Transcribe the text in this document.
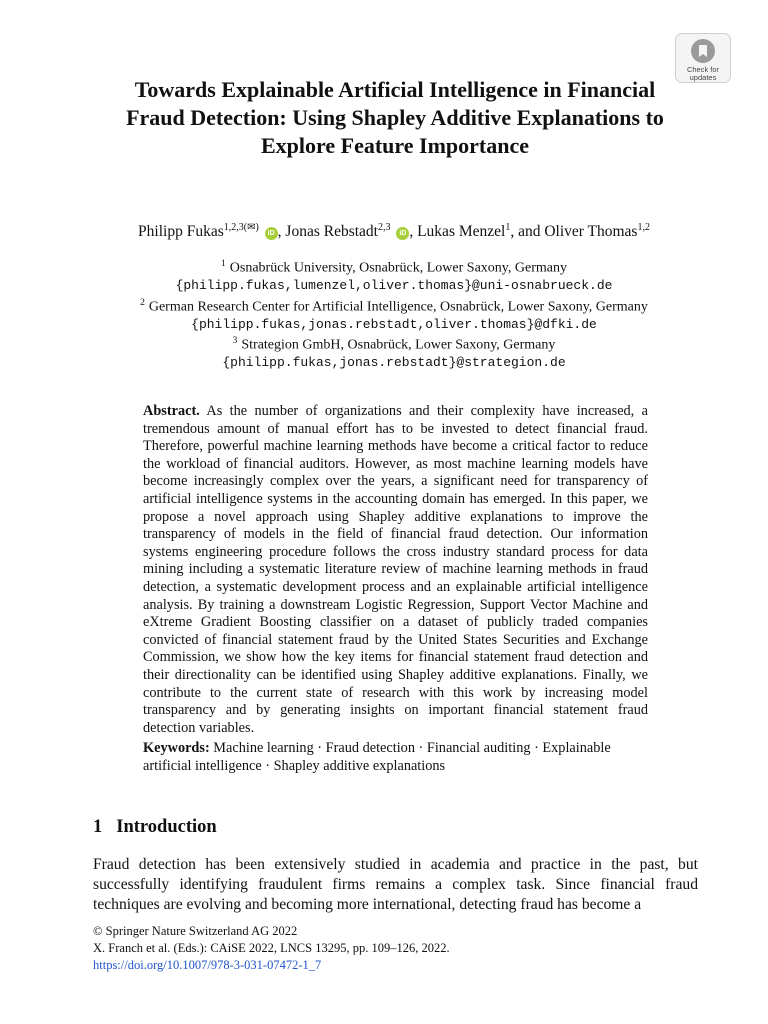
Check for
updates
Towards Explainable Artificial Intelligence in Financial Fraud Detection: Using Shapley Additive Explanations to Explore Feature Importance
Philipp Fukas$^{1,2,3(✉)}$ iD , Jonas Rebstadt$^{2,3}$ iD , Lukas Menzel$^1$, and Oliver Thomas$^{1,2}$
$^1$ Osnabrück University, Osnabrück, Lower Saxony, Germany
{philipp.fukas,lumenzel,oliver.thomas}@uni-osnabrueck.de
$^2$ German Research Center for Artificial Intelligence, Osnabrück, Lower Saxony, Germany
{philipp.fukas,jonas.rebstadt,oliver.thomas}@dfki.de
$^3$ Strategion GmbH, Osnabrück, Lower Saxony, Germany
{philipp.fukas,jonas.rebstadt}@strategion.de
Abstract. As the number of organizations and their complexity have increased, a tremendous amount of manual effort has to be invested to detect financial fraud. Therefore, powerful machine learning methods have become a critical factor to reduce the workload of financial auditors. However, as most machine learning models have become increasingly complex over the years, a significant need for transparency of artificial intelligence systems in the accounting domain has emerged. In this paper, we propose a novel approach using Shapley additive explanations to improve the transparency of models in the field of financial fraud detection. Our information systems engineering procedure follows the cross industry standard process for data mining including a systematic literature review of machine learning methods in fraud detection, a systematic development process and an explainable artificial intelligence analysis. By training a downstream Logistic Regression, Support Vector Machine and eXtreme Gradient Boosting classifier on a dataset of publicly traded companies convicted of financial statement fraud by the United States Securities and Exchange Commission, we show how the key items for financial statement fraud detection and their directionality can be identified using Shapley additive explanations. Finally, we contribute to the current state of research with this work by increasing model transparency and by generating insights on important financial statement fraud detection variables.
Keywords: Machine learning · Fraud detection · Financial auditing · Explainable artificial intelligence · Shapley additive explanations
1 Introduction
Fraud detection has been extensively studied in academia and practice in the past, but successfully identifying fraudulent firms remains a complex task. Since financial fraud techniques are evolving and becoming more international, detecting fraud has become a
© Springer Nature Switzerland AG 2022
X. Franch et al. (Eds.): CAiSE 2022, LNCS 13295, pp. 109–126, 2022.
https://doi.org/10.1007/978-3-031-07472-1_7
